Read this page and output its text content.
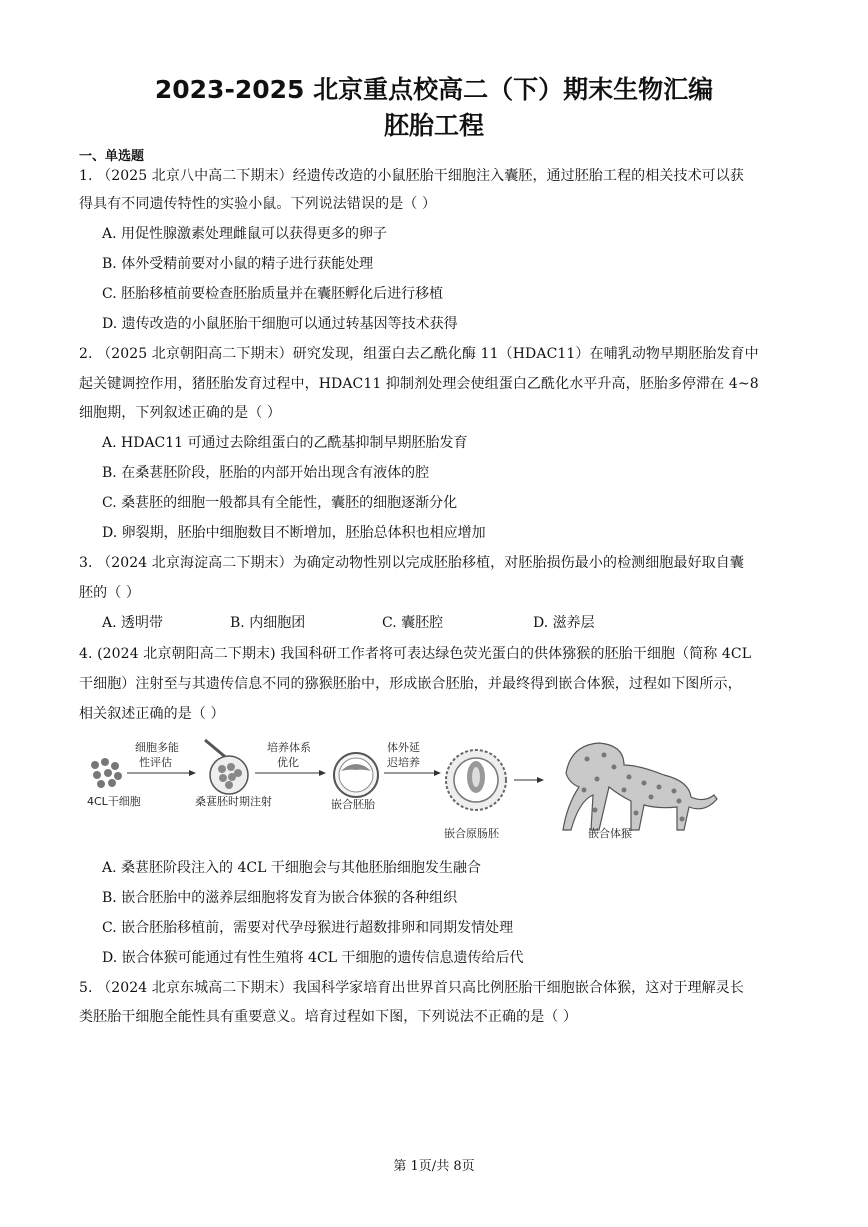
2023-2025 北京重点校高二（下）期末生物汇编
胚胎工程
一、单选题
1. （2025 北京八中高二下期末）经遗传改造的小鼠胚胎干细胞注入囊胚，通过胚胎工程的相关技术可以获
得具有不同遗传特性的实验小鼠。下列说法错误的是（ ）
A. 用促性腺激素处理雌鼠可以获得更多的卵子
B. 体外受精前要对小鼠的精子进行获能处理
C. 胚胎移植前要检查胚胎质量并在囊胚孵化后进行移植
D. 遗传改造的小鼠胚胎干细胞可以通过转基因等技术获得
2. （2025 北京朝阳高二下期末）研究发现，组蛋白去乙酰化酶 11（HDAC11）在哺乳动物早期胚胎发育中
起关键调控作用，猪胚胎发育过程中，HDAC11 抑制剂处理会使组蛋白乙酰化水平升高，胚胎多停滞在 4~8
细胞期，下列叙述正确的是（ ）
A. HDAC11 可通过去除组蛋白的乙酰基抑制早期胚胎发育
B. 在桑葚胚阶段，胚胎的内部开始出现含有液体的腔
C. 桑葚胚的细胞一般都具有全能性，囊胚的细胞逐渐分化
D. 卵裂期，胚胎中细胞数目不断增加，胚胎总体积也相应增加
3. （2024 北京海淀高二下期末）为确定动物性别以完成胚胎移植，对胚胎损伤最小的检测细胞最好取自囊
胚的（ ）
A. 透明带	B. 内细胞团	C. 囊胚腔	D. 滋养层
4. (2024 北京朝阳高二下期末) 我国科研工作者将可表达绿色荧光蛋白的供体猕猴的胚胎干细胞（简称 4CL
干细胞）注射至与其遗传信息不同的猕猴胚胎中，形成嵌合胚胎，并最终得到嵌合体猴，过程如下图所示，
相关叙述正确的是（ ）
4CL干细胞
细胞多能
性评估
桑葚胚时期注射
培养体系
优化
嵌合胚胎
体外延
迟培养
嵌合原肠胚	嵌合体猴
A. 桑葚胚阶段注入的 4CL 干细胞会与其他胚胎细胞发生融合
B. 嵌合胚胎中的滋养层细胞将发育为嵌合体猴的各种组织
C. 嵌合胚胎移植前，需要对代孕母猴进行超数排卵和同期发情处理
D. 嵌合体猴可能通过有性生殖将 4CL 干细胞的遗传信息遗传给后代
5. （2024 北京东城高二下期末）我国科学家培育出世界首只高比例胚胎干细胞嵌合体猴，这对于理解灵长
类胚胎干细胞全能性具有重要意义。培育过程如下图，下列说法不正确的是（ ）
第 1页/共 8页
